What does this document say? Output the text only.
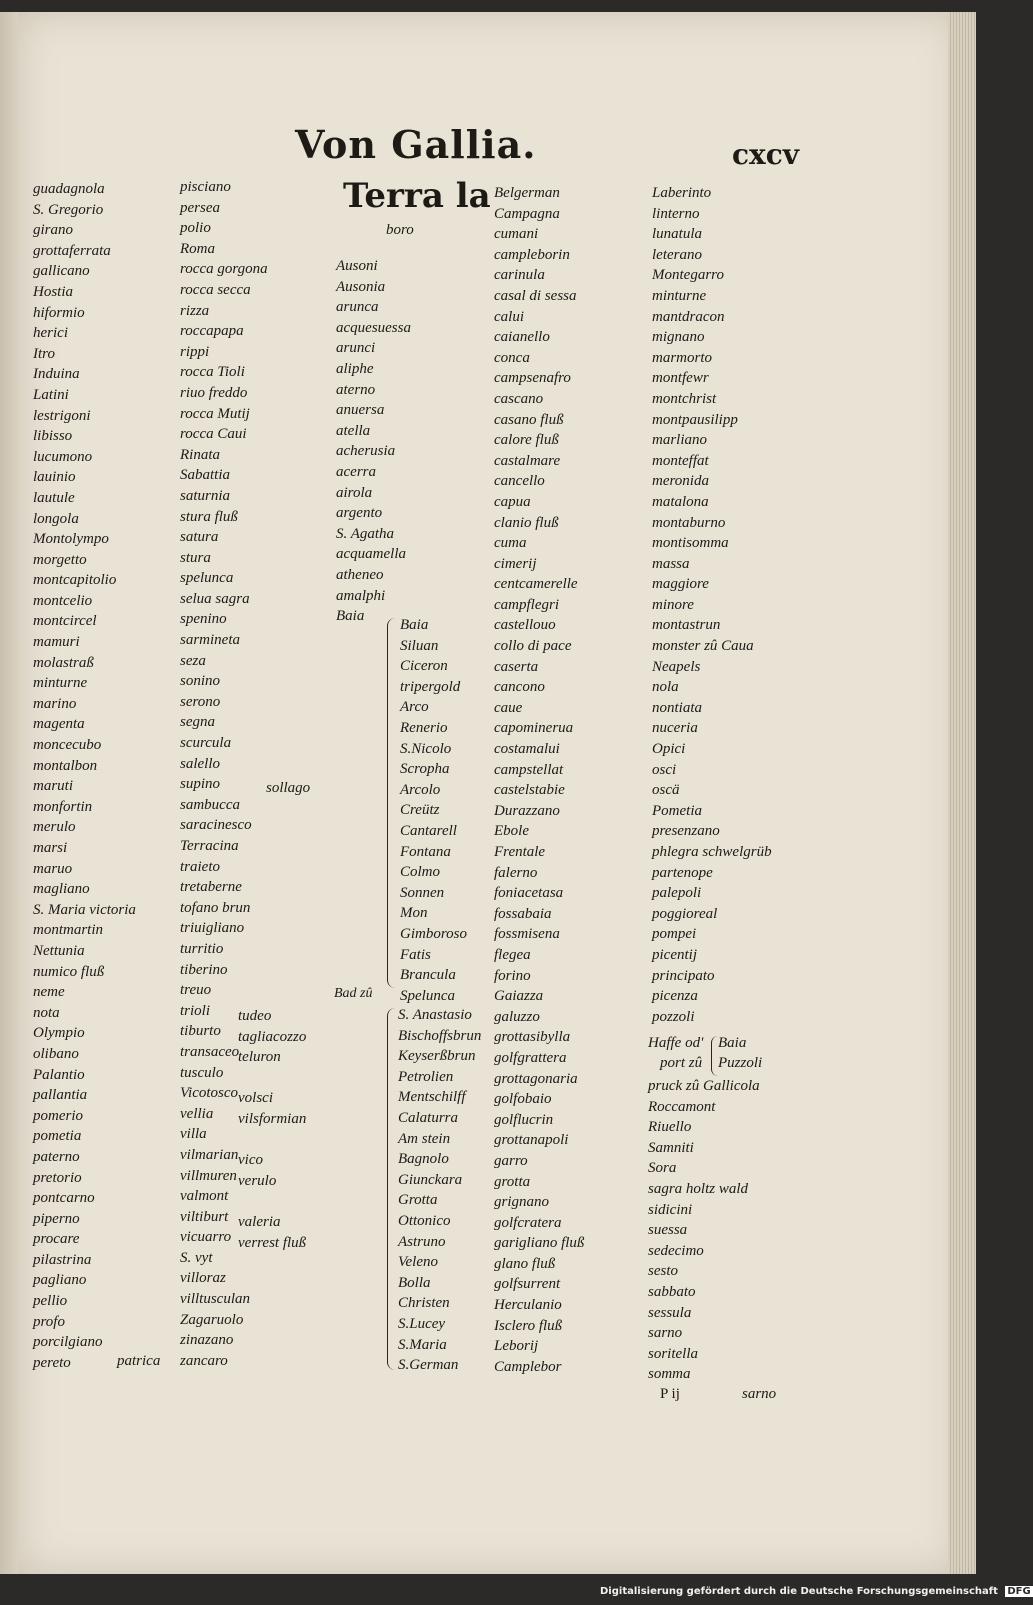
Von Gallia.	cxcv
guadagnola
S. Gregorio
girano
grottaferrata
gallicano
Hostia
hiformio
herici
Itro
Induina
Latini
lestrigoni
libisso
lucumono
lauinio
lautule
longola
Montolympo
morgetto
montcapitolio
montcelio
montcircel
mamuri
molastraß
minturne
marino
magenta
moncecubo
montalbon
maruti
monfortin
merulo
marsi
maruo
magliano
S. Maria victoria
montmartin
Nettunia
numico fluß
neme
nota
Olympio
olibano
Palantio
pallantia
pomerio
pometia
paterno
pretorio
pontcarno
piperno
procare
pilastrina
pagliano
pellio
profo
porcilgiano
pereto	patrica
pisciano
persea
polio
Roma
rocca gorgona
rocca secca
rizza
roccapapa
rippi
rocca Tioli
riuo freddo
rocca Mutij
rocca Caui
Rinata
Sabattia
saturnia
stura fluß
satura
stura
spelunca
selua sagra
spenino
sarmineta
seza
sonino
serono
segna
scurcula
salello
supino
sambucca
saracinesco
Terracina
traieto
tretaberne
tofano brun
triuigliano
turritio
tiberino
treuo
trioli
tiburto
transaceo
tusculo
Vicotosco
vellia
villa
vilmarian
villmuren
valmont
viltiburt
vicuarro
S. vyt
villoraz
villtusculan
Zagaruolo
zinazano
zancaro
sollago
tudeo
tagliacozzo
teluron
volsci
vilsformian
vico
verulo
valeria
verrest fluß
Terra la
boro
Ausoni
Ausonia
arunca
acquesuessa
arunci
aliphe
aterno
anuersa
atella
acherusia
acerra
airola
argento
S. Agatha
acquamella
atheneo
amalphi
Baia
Baia
Siluan
Ciceron
tripergold
Arco
Renerio
S.Nicolo
Scropha
Arcolo
Creütz
Cantarell
Fontana
Colmo
Sonnen
Mon
Gimboroso
Fatis
Brancula
Spelunca
Bad zû
S. Anastasio
Bischoffsbrun
Keyserßbrun
Petrolien
Mentschilff
Calaturra
Am stein
Bagnolo
Giunckara
Grotta
Ottonico
Astruno
Veleno
Bolla
Christen
S.Lucey
S.Maria
S.German
Belgerman
Campagna
cumani
campleborin
carinula
casal di sessa
calui
caianello
conca
campsenafro
cascano
casano fluß
calore fluß
castalmare
cancello
capua
clanio fluß
cuma
cimerij
centcamerelle
campflegri
castellouo
collo di pace
caserta
cancono
caue
capominerua
costamalui
campstellat
castelstabie
Durazzano
Ebole
Frentale
falerno
foniacetasa
fossabaia
fossmisena
flegea
forino
Gaiazza
galuzzo
grottasibylla
golfgrattera
grottagonaria
golfobaio
golflucrin
grottanapoli
garro
grotta
grignano
golfcratera
garigliano fluß
glano fluß
golfsurrent
Herculanio
Isclero fluß
Leborij
Camplebor
Laberinto
linterno
lunatula
leterano
Montegarro
minturne
mantdracon
mignano
marmorto
montfewr
montchrist
montpausilipp
marliano
monteffat
meronida
matalona
montaburno
montisomma
massa
maggiore
minore
montastrun
monster zû Caua
Neapels
nola
nontiata
nuceria
Opici
osci
oscä
Pometia
presenzano
phlegra schwelgrüb
partenope
palepoli
poggioreal
pompei
picentij
principato
picenza
pozzoli
Haffe od'
port zû
Baia
Puzzoli
pruck zû Gallicola
Roccamont
Riuello
Samniti
Sora
sagra holtz wald
sidicini
suessa
sedecimo
sesto
sabbato
sessula
sarno
soritella
somma
P ij	sarno
Digitalisierung gefördert durch die Deutsche Forschungsgemeinschaft DFG
